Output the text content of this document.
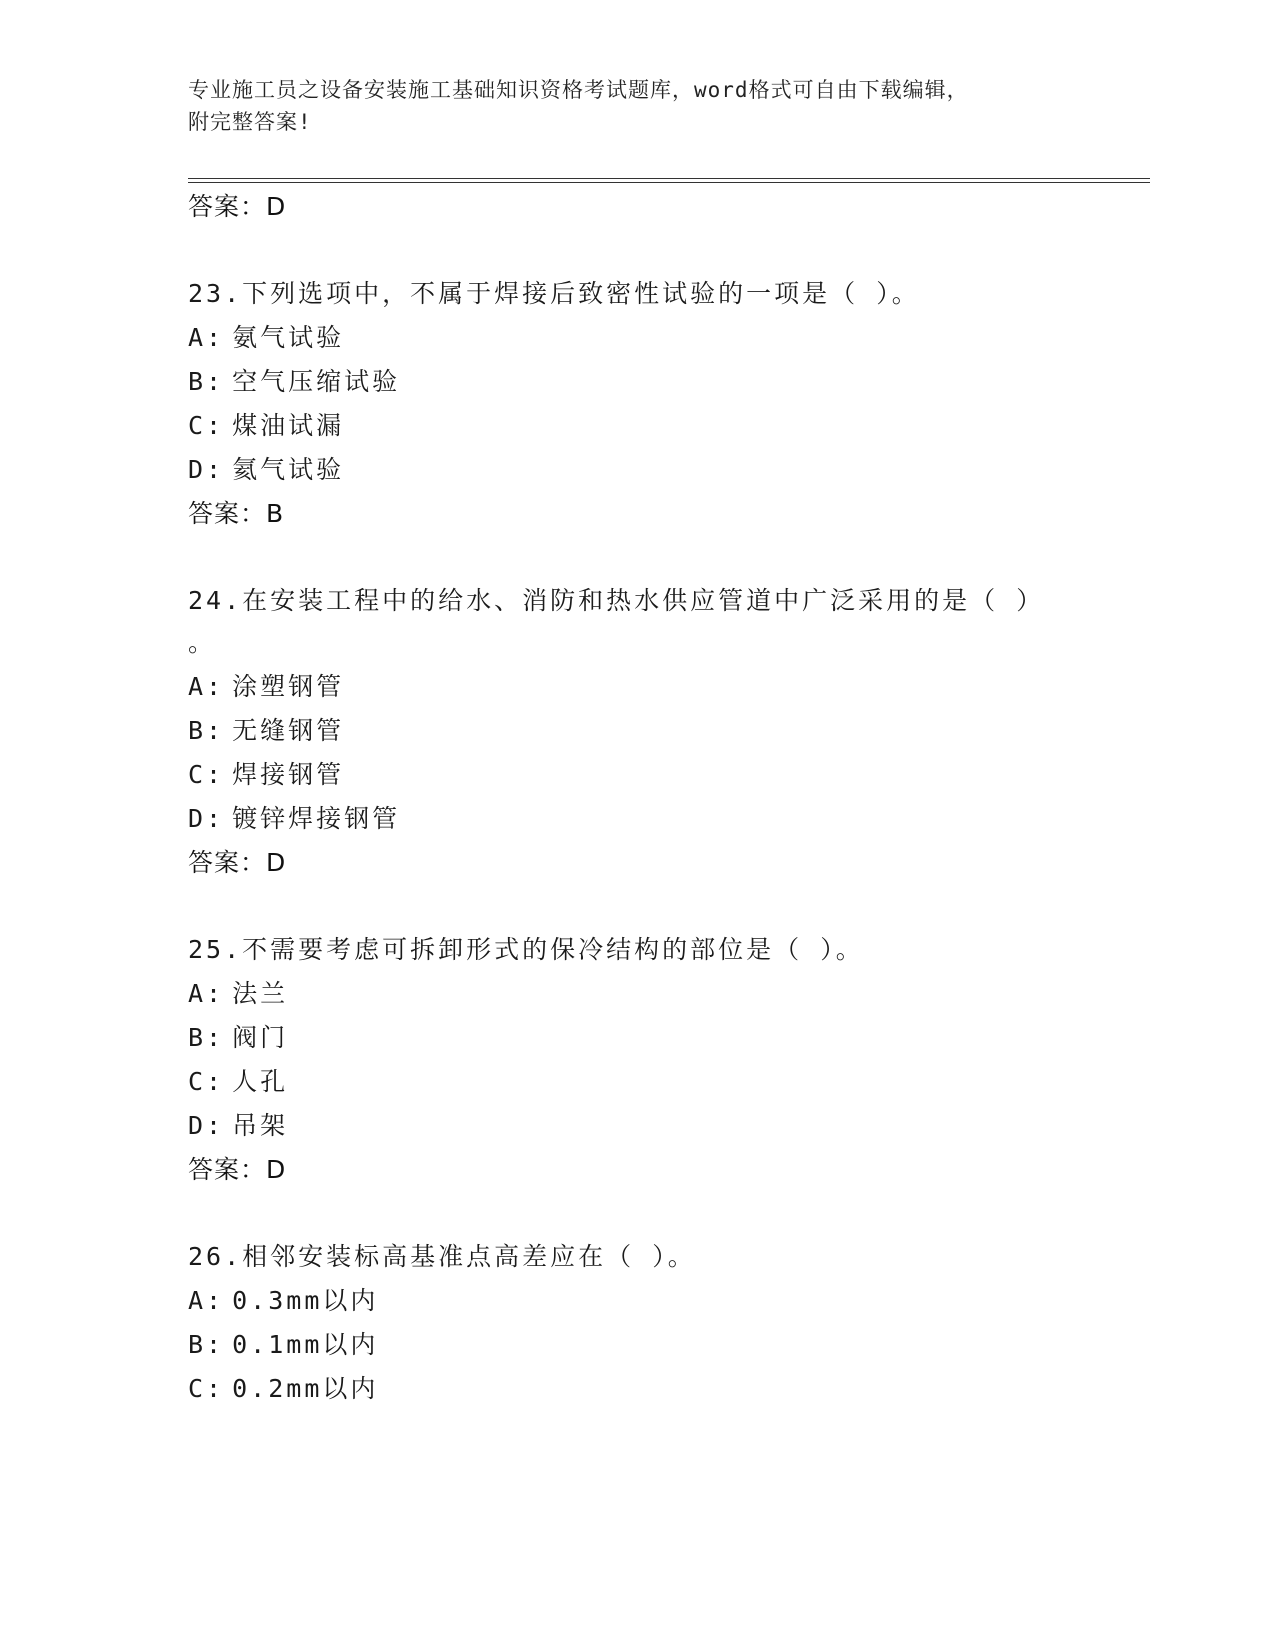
专业施工员之设备安装施工基础知识资格考试题库，word格式可自由下载编辑，
附完整答案!
答案：D
23.下列选项中，不属于焊接后致密性试验的一项是（ ）。
A: 氨气试验
B: 空气压缩试验
C: 煤油试漏
D: 氦气试验
答案：B
24.在安装工程中的给水、消防和热水供应管道中广泛采用的是（ ）
。
A: 涂塑钢管
B: 无缝钢管
C: 焊接钢管
D: 镀锌焊接钢管
答案：D
25.不需要考虑可拆卸形式的保冷结构的部位是（ ）。
A: 法兰
B: 阀门
C: 人孔
D: 吊架
答案：D
26.相邻安装标高基准点高差应在（ ）。
A: 0.3mm以内
B: 0.1mm以内
C: 0.2mm以内
